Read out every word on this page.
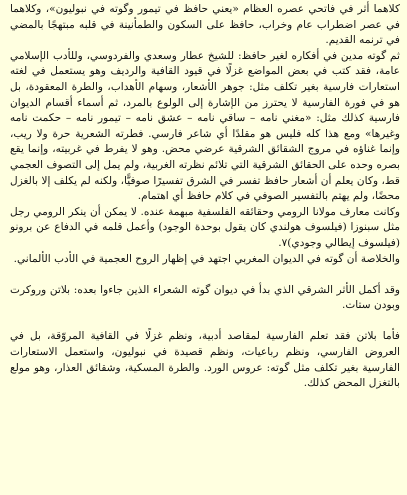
كلاهما أثر في فاتحي عصره العظام «يعني حافظ في تيمور وگوته في نبوليون»، وكلاهما في عصر اضطراب عام وخراب، حافظ على السكون والطمأنينة في قلبه مبتهجًا بالمضي في ترنمه القديم.

ثم گوته مدين في أفكاره لغير حافظ: للشيخ عطار وسعدي والفردوسي، وللأدب الإسلامي عامة، فقد كتب في بعض المواضع غزلًا في قيود القافية والرديف وهو يستعمل في لغته استعارات فارسية بغير تكلف مثل: جوهر الأشعار، وسهام الأهداب، والطرة المعقودة، بل هو في فورة الفارسية لا يحترز من الإشارة إلى الولوع بالمرد، ثم أسماء أقسام الديوان فارسية كذلك مثل: «مغني نامه – ساقي نامه – عشق نامه – تيمور نامه – حكمت نامه وغيرها» ومع هذا كله فليس هو مقلدًا أي شاعر فارسي. فطرته الشعرية حرة ولا ريب، وإنما غناؤه في مروج الشقائق الشرقية عرضي محض. وهو لا يفرط في غربيته، وإنما يقع بصره وحده على الحقائق الشرقية التي تلائم نظرته الغربية، ولم يمل إلى التصوف العجمي قط، وكان يعلم أن أشعار حافظ تفسر في الشرق تفسيرًا صوفيًّا، ولكنه لم يكلف إلا بالغزل محضًا، ولم يهتم بالتفسير الصوفي في كلام حافظ أي اهتمام.

وكانت معارف مولانا الرومي وحقائقه الفلسفية مبهمة عنده. لا يمكن أن ينكر الرومي رجل مثل سبنوزا (فيلسوف هولندي كان يقول بوحدة الوجود) وأعمل قلمه في الدفاع عن برونو (فيلسوف إيطالي وجودي)٧.

والخلاصة أن گوته في الديوان المغربي اجتهد في إظهار الروح العجمية في الأدب الألماني.

وقد أكمل الأثر الشرقي الذي بدأ في ديوان گوته الشعراء الذين جاءوا بعده: بلاتن وروكرت وبودن ستات.

فأما بلاتن فقد تعلم الفارسية لمقاصد أدبية، ونظم غزلًا في القافية المروّقة، بل في العروض الفارسي، ونظم رباعيات، ونظم قصيدة في نبوليون، واستعمل الاستعارات الفارسية بغير تكلف مثل گوته: عروس الورد. والطرة المسكية، وشقائق العذار، وهو مولع بالتغزل المحض كذلك.
